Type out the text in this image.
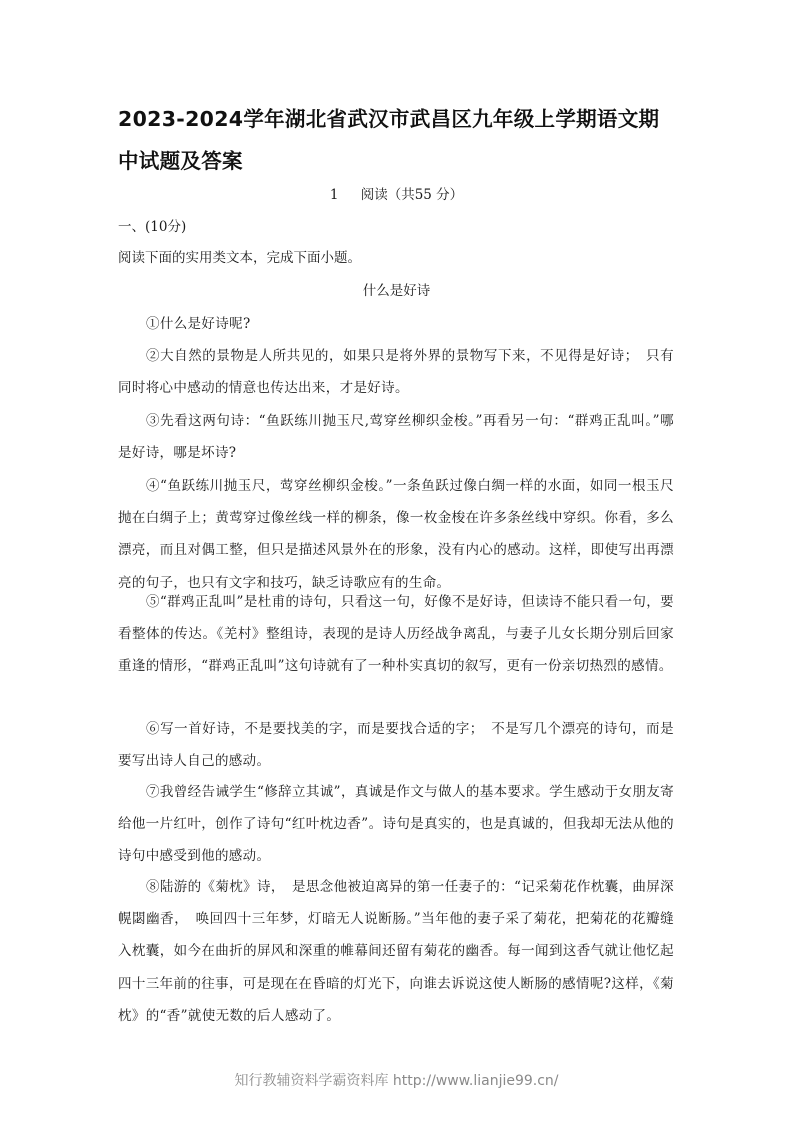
2023-2024学年湖北省武汉市武昌区九年级上学期语文期中试题及答案
1 阅读（共55 分）

一、(10分)

阅读下面的实用类文本，完成下面小题。

什么是好诗

①什么是好诗呢?

②大自然的景物是人所共见的，如果只是将外界的景物写下来，不见得是好诗；　只有同时将心中感动的情意也传达出来，才是好诗。

③先看这两句诗：“鱼跃练川抛玉尺,莺穿丝柳织金梭。”再看另一句：“群鸡正乱叫。”哪是好诗，哪是坏诗?

④“鱼跃练川抛玉尺，莺穿丝柳织金梭。”一条鱼跃过像白绸一样的水面，如同一根玉尺抛在白绸子上；黄莺穿过像丝线一样的柳条，像一枚金梭在许多条丝线中穿织。你看，多么漂亮，而且对偶工整，但只是描述风景外在的形象，没有内心的感动。这样，即使写出再漂亮的句子，也只有文字和技巧，缺乏诗歌应有的生命。

⑤“群鸡正乱叫”是杜甫的诗句，只看这一句，好像不是好诗，但读诗不能只看一句，要看整体的传达。《羌村》整组诗，表现的是诗人历经战争离乱，与妻子儿女长期分别后回家重逢的情形，“群鸡正乱叫”这句诗就有了一种朴实真切的叙写，更有一份亲切热烈的感情。

⑥写一首好诗，不是要找美的字，而是要找合适的字；　不是写几个漂亮的诗句，而是要写出诗人自己的感动。

⑦我曾经告诫学生“修辞立其诚”，真诚是作文与做人的基本要求。学生感动于女朋友寄给他一片红叶，创作了诗句“红叶枕边香”。诗句是真实的，也是真诚的，但我却无法从他的诗句中感受到他的感动。

⑧陆游的《菊枕》诗，　是思念他被迫离异的第一任妻子的：“记采菊花作枕囊，曲屏深幌閟幽香，　唤回四十三年梦，灯暗无人说断肠。”当年他的妻子采了菊花，把菊花的花瓣缝入枕囊，如今在曲折的屏风和深重的帷幕间还留有菊花的幽香。每一闻到这香气就让他忆起四十三年前的往事，可是现在在昏暗的灯光下，向谁去诉说这使人断肠的感情呢?这样，《菊枕》的“香”就使无数的后人感动了。

知行教辅资料学霸资料库 http://www.lianjie99.cn/
